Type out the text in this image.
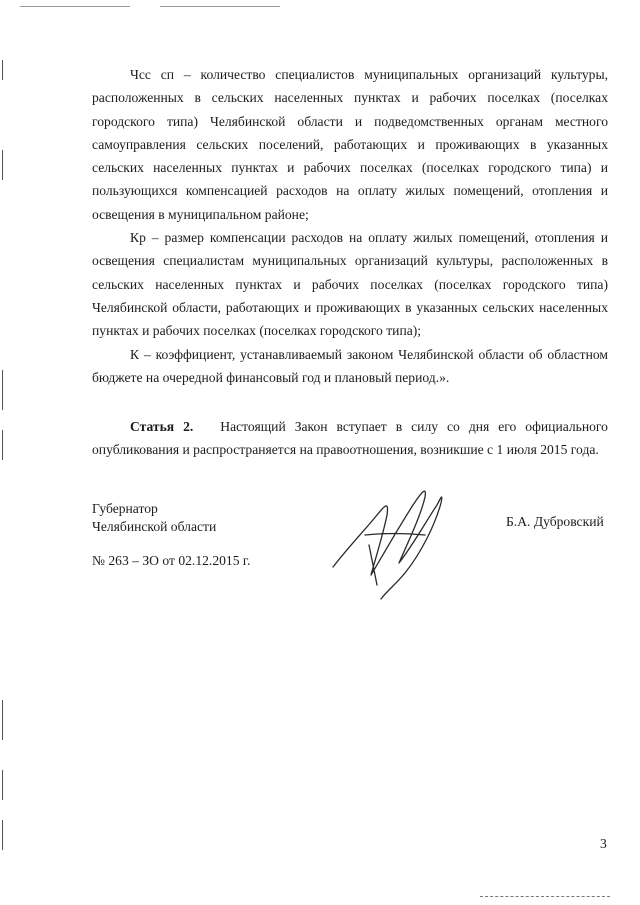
Чсс сп – количество специалистов муниципальных организаций культуры, расположенных в сельских населенных пунктах и рабочих поселках (поселках городского типа) Челябинской области и подведомственных органам местного самоуправления сельских поселений, работающих и проживающих в указанных сельских населенных пунктах и рабочих поселках (поселках городского типа) и пользующихся компенсацией расходов на оплату жилых помещений, отопления и освещения в муниципальном районе;

Кр – размер компенсации расходов на оплату жилых помещений, отопления и освещения специалистам муниципальных организаций культуры, расположенных в сельских населенных пунктах и рабочих поселках (поселках городского типа) Челябинской области, работающих и проживающих в указанных сельских населенных пунктах и рабочих поселках (поселках городского типа);

К – коэффициент, устанавливаемый законом Челябинской области об областном бюджете на очередной финансовый год и плановый период.».

Статья 2. Настоящий Закон вступает в силу со дня его официального опубликования и распространяется на правоотношения, возникшие с 1 июля 2015 года.

Губернатор
Челябинской области	Б.А. Дубровский
№ 263 – ЗО от 02.12.2015 г.
3
